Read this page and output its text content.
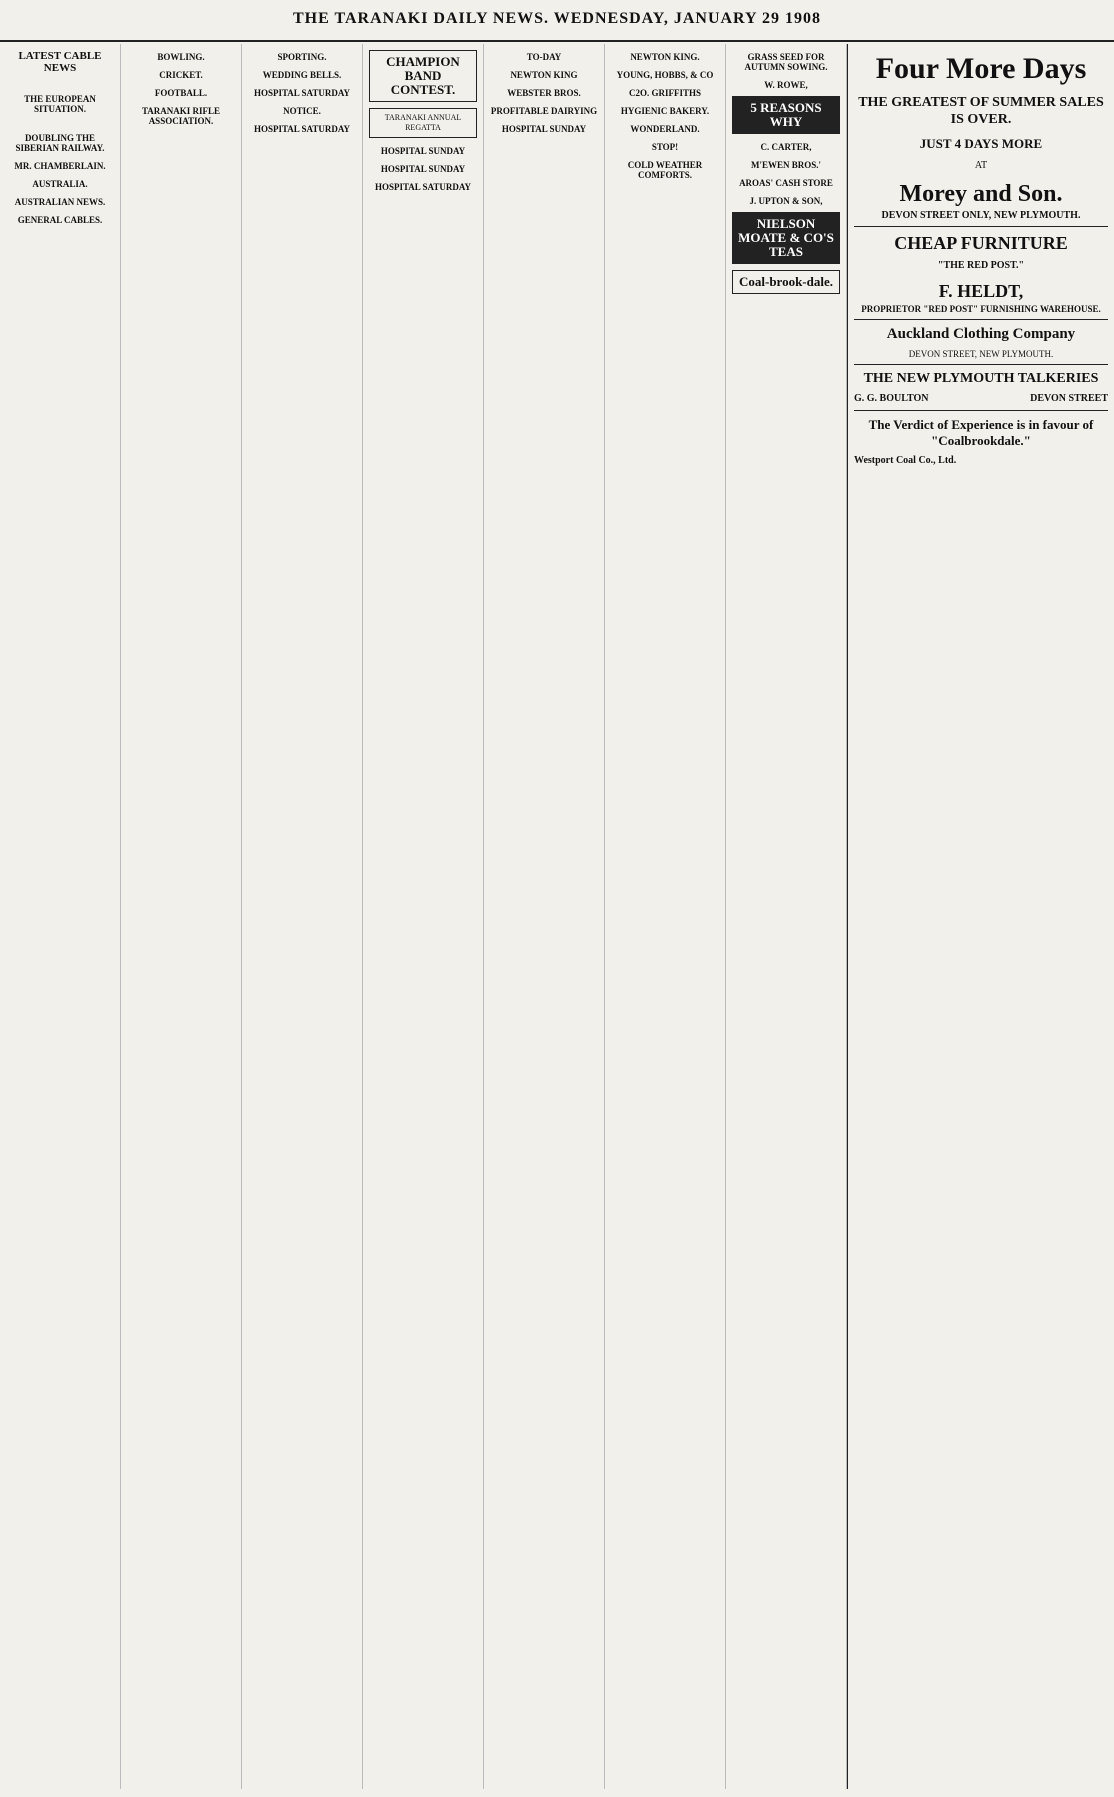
THE TARANAKI DAILY NEWS. WEDNESDAY, JANUARY 29 1908
LATEST CABLE NEWS

THE EUROPEAN SITUATION.

DOUBLING THE SIBERIAN RAILWAY.
MR. CHAMBERLAIN.
AUSTRALIA.
AUSTRALIAN NEWS.
GENERAL CABLES.
BOWLING.
CRICKET.
FOOTBALL.
TARANAKI RIFLE ASSOCIATION.
SPORTING.
WEDDING BELLS.
HOSPITAL SATURDAY
NOTICE.
HOSPITAL SATURDAY
CHAMPION BAND CONTEST.
TARANAKI ANNUAL REGATTA
HOSPITAL SUNDAY
HOSPITAL SUNDAY
HOSPITAL SATURDAY
TO-DAY
NEWTON KING
WEBSTER BROS.
PROFITABLE DAIRYING
HOSPITAL SUNDAY
NEWTON KING.
YOUNG, HOBBS, & CO
C2O. GRIFFITHS
HYGIENIC BAKERY.
WONDERLAND.
STOP!
COLD WEATHER COMFORTS.
GRASS SEED FOR AUTUMN SOWING.
W. ROWE,
5 REASONS WHY
C. CARTER,
M'EWEN BROS.'
AROAS' CASH STORE
J. UPTON & SON,
NIELSON MOATE & CO'S TEAS
Coal-brook-dale.
Four More Days
THE GREATEST OF SUMMER SALES IS OVER.
JUST 4 DAYS MORE
AT
Morey and Son.
DEVON STREET ONLY, NEW PLYMOUTH.
CHEAP FURNITURE
"THE RED POST."
F. HELDT,
PROPRIETOR "RED POST" FURNISHING WAREHOUSE.
Auckland Clothing Company
DEVON STREET, NEW PLYMOUTH.
THE NEW PLYMOUTH TALKERIES
G. G. BOULTON	DEVON STREET
The Verdict of Experience is in favour of "Coalbrookdale."
Westport Coal Co., Ltd.
